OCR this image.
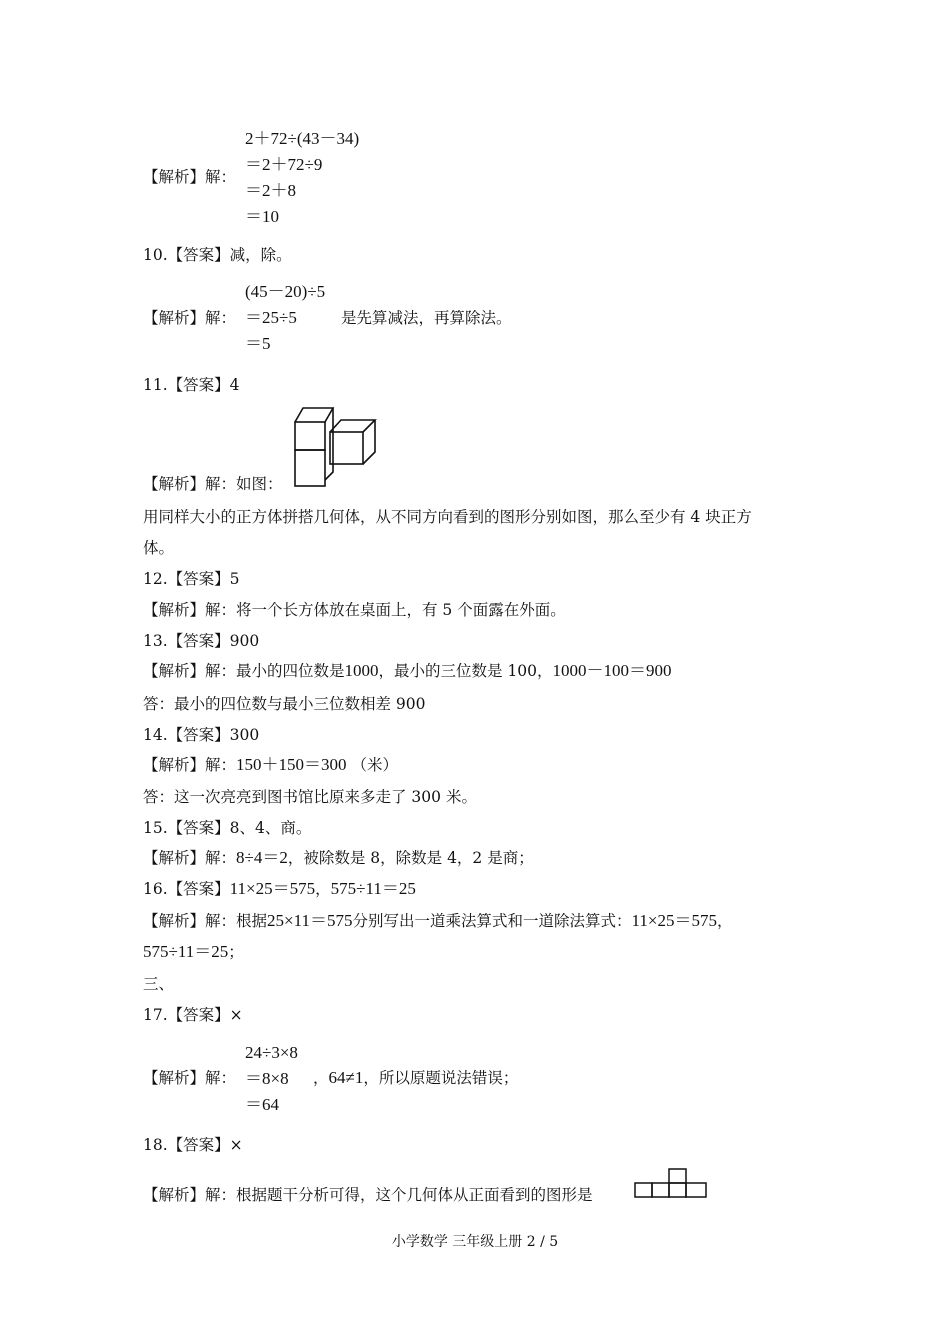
2＋72÷(43－34)
＝2＋72÷9
＝2＋8
＝10
【解析】解：
10.【答案】减，除。
(45－20)÷5
＝25÷5
＝5
【解析】解：	是先算减法，再算除法。
11.【答案】4
【解析】解：如图：
用同样大小的正方体拼搭几何体，从不同方向看到的图形分别如图，那么至少有 4 块正方
体。
12.【答案】5
【解析】解：将一个长方体放在桌面上，有 5 个面露在外面。
13.【答案】900
【解析】解：最小的四位数是1000，最小的三位数是 100，1000－100＝900
答：最小的四位数与最小三位数相差 900
14.【答案】300
【解析】解：150＋150＝300 （米）
答：这一次亮亮到图书馆比原来多走了 300 米。
15.【答案】8、4、商。
【解析】解：8÷4＝2，被除数是 8，除数是 4，2 是商；
16.【答案】11×25＝575，575÷11＝25
【解析】解：根据25×11＝575分别写出一道乘法算式和一道除法算式：11×25＝575，
575÷11＝25；
三、
17.【答案】×
24÷3×8
＝8×8
＝64
【解析】解：	，64≠1，所以原题说法错误；
18.【答案】×
【解析】解：根据题干分析可得，这个几何体从正面看到的图形是
小学数学 三年级上册 2 / 5
